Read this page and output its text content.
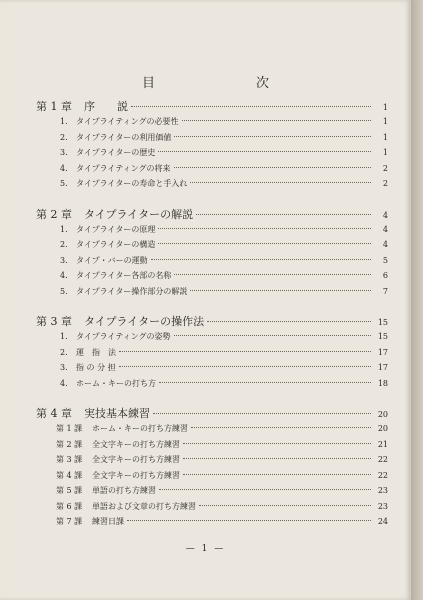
目　次
第 1 章	序　　説	1
1.	タイプライティングの必要性	1
2.	タイプライターの利用価値	1
3.	タイプライターの歴史	1
4.	タイプライティングの将来	2
5.	タイプライターの寿命と手入れ	2
第 2 章	タイプライターの解説	4
1.	タイプライターの原理	4
2.	タイプライターの構造	4
3.	タイプ・バーの運動	5
4.	タイプライター各部の名称	6
5.	タイプライター操作部分の解説	7
第 3 章	タイプライターの操作法	15
1.	タイプライティングの姿勢	15
2.	運　指　法	17
3.	指 の 分 担	17
4.	ホーム・キーの打ち方	18
第 4 章	実技基本練習	20
第 1 課	ホーム・キーの打ち方練習	20
第 2 課	全文字キーの打ち方練習	21
第 3 課	全文字キーの打ち方練習	22
第 4 課	全文字キーの打ち方練習	22
第 5 課	単語の打ち方練習	23
第 6 課	単語および文章の打ち方練習	23
第 7 課	練習日課	24
— 1 —
